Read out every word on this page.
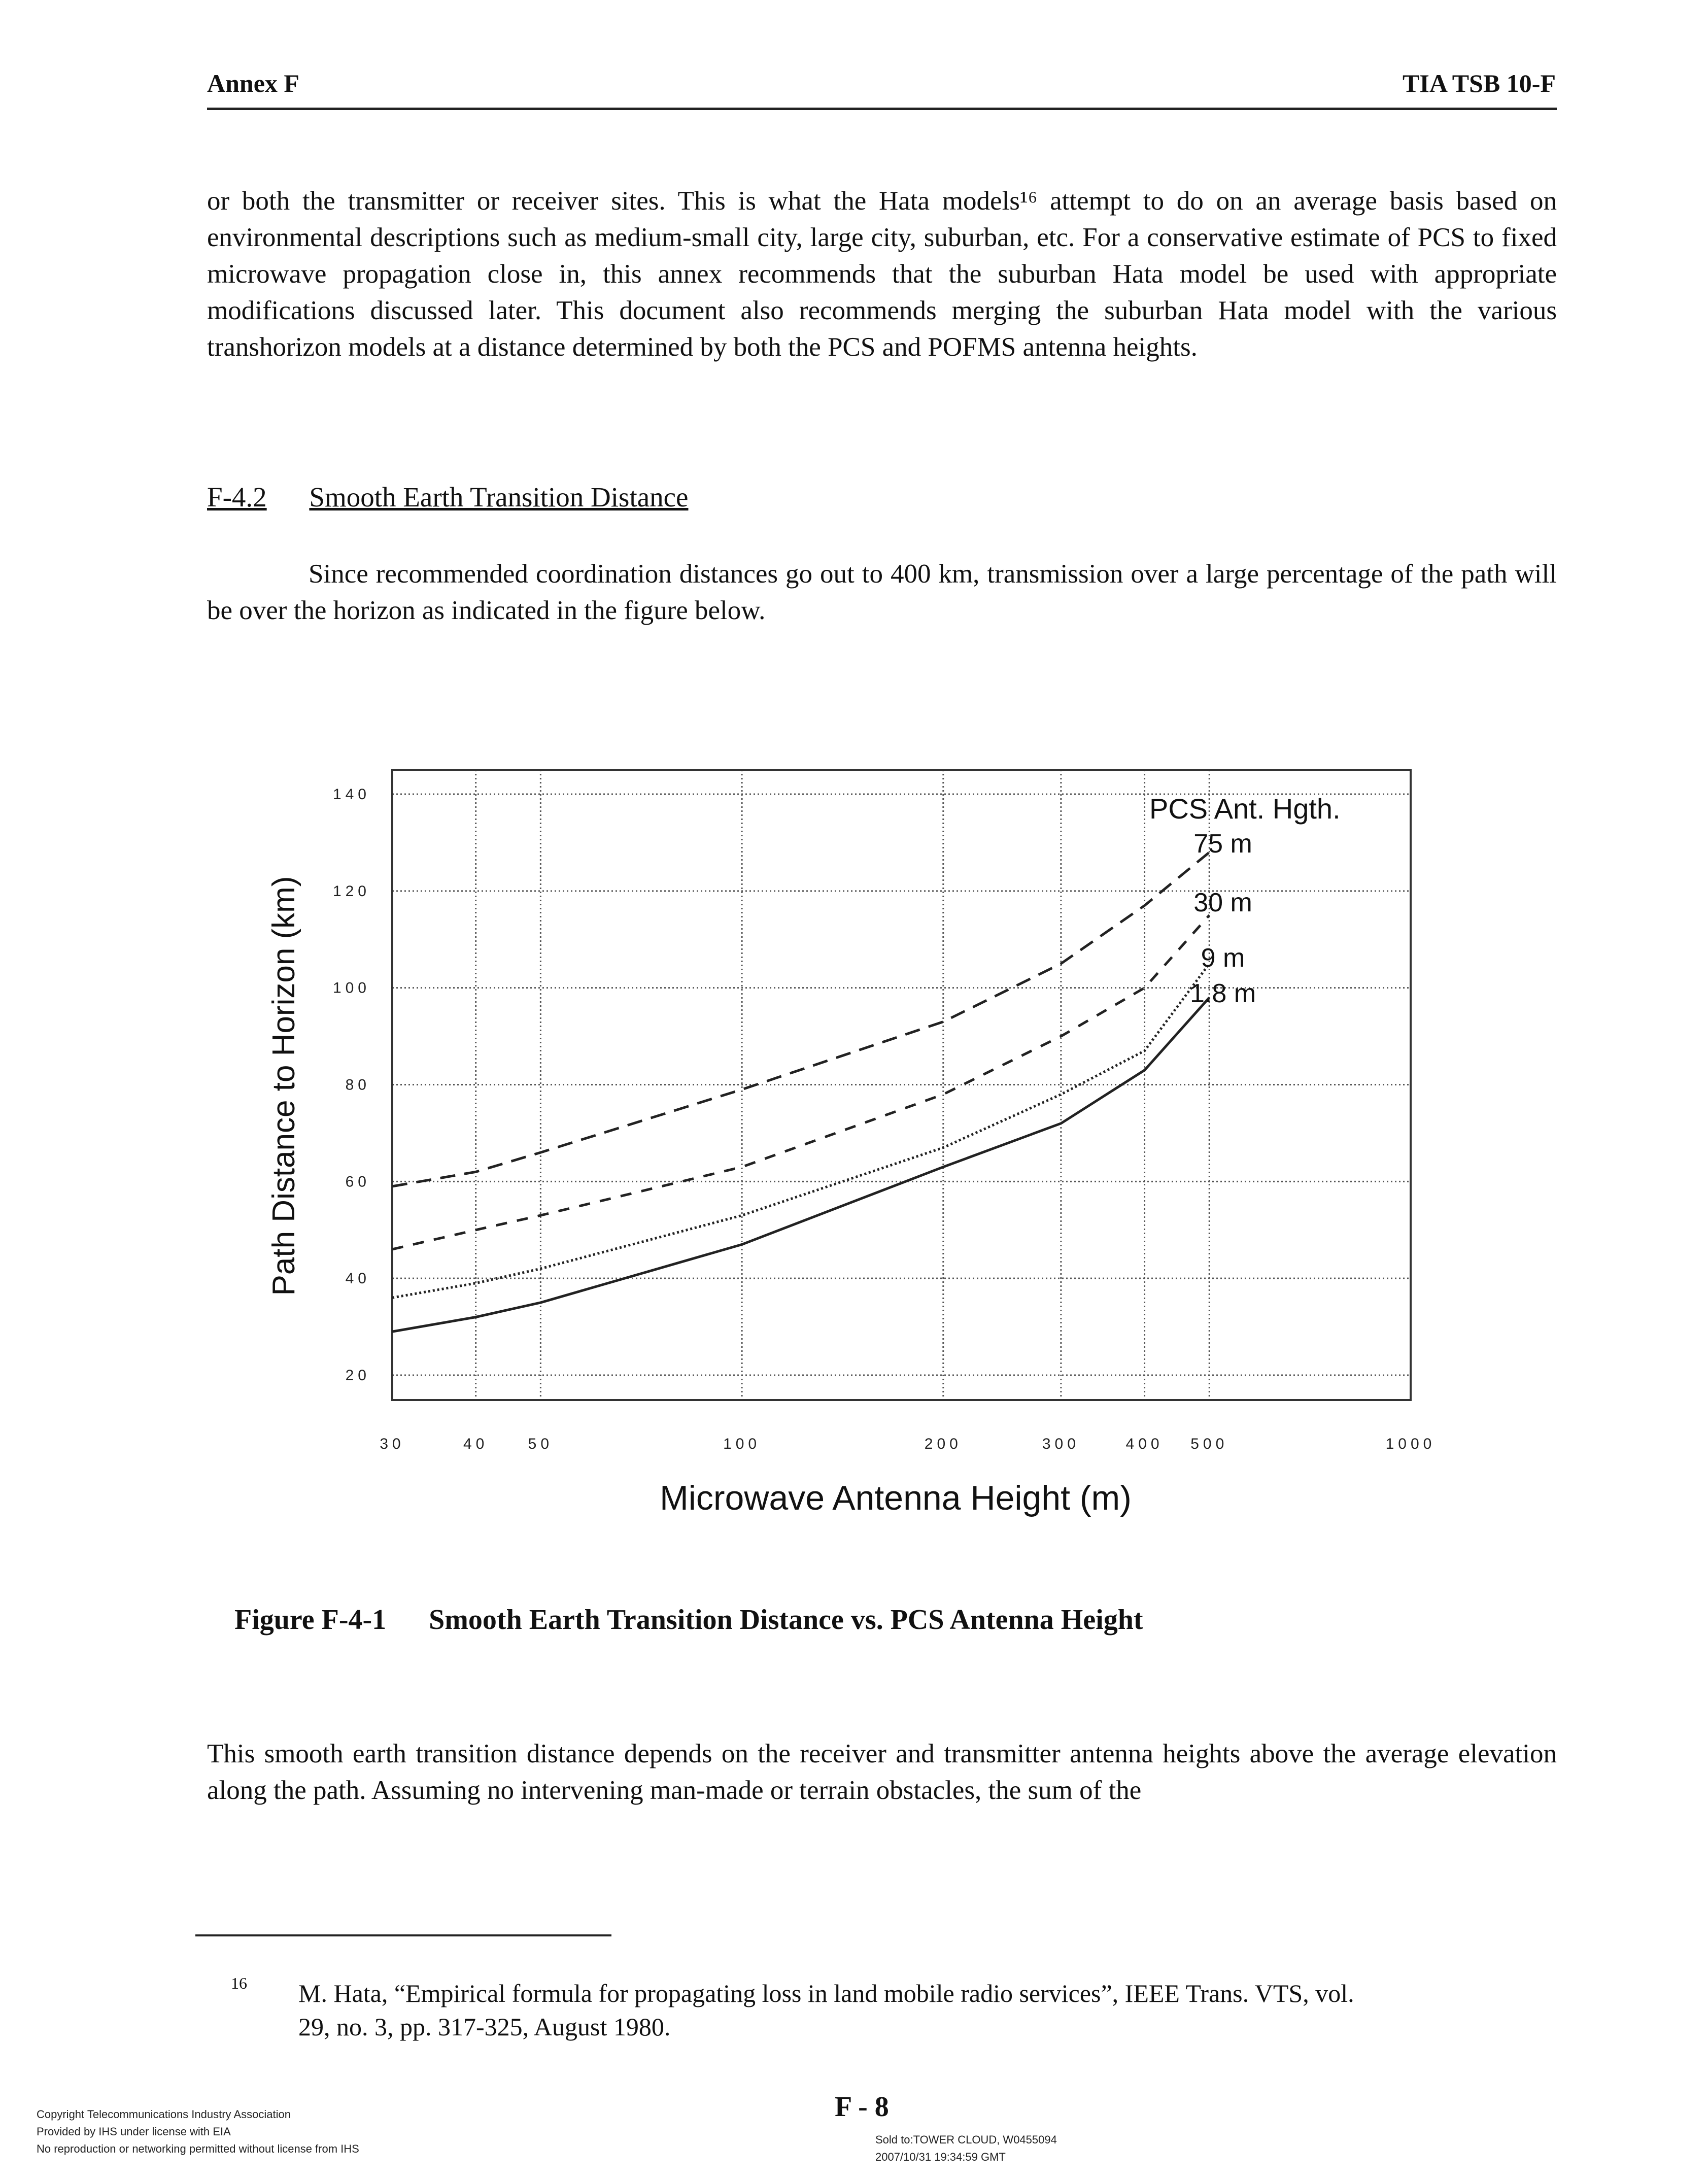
Annex F	TIA TSB 10-F
or both the transmitter or receiver sites. This is what the Hata models¹⁶ attempt to do on an average basis based on environmental descriptions such as medium-small city, large city, suburban, etc. For a conservative estimate of PCS to fixed microwave propagation close in, this annex recommends that the suburban Hata model be used with appropriate modifications discussed later. This document also recommends merging the suburban Hata model with the various transhorizon models at a distance determined by both the PCS and POFMS antenna heights.
F-4.2 Smooth Earth Transition Distance
Since recommended coordination distances go out to 400 km, transmission over a large percentage of the path will be over the horizon as indicated in the figure below.
20
40
60
80
100
120
140
30	40	50	100	200	300	400 500	1000
Path Distance to Horizon (km)
Microwave Antenna Height (m)
PCS Ant. Hgth.
75 m
30 m
9 m
1.8 m
Figure F-4-1 Smooth Earth Transition Distance vs. PCS Antenna Height
This smooth earth transition distance depends on the receiver and transmitter antenna heights above the average elevation along the path. Assuming no intervening man-made or terrain obstacles, the sum of the
16 M. Hata, “Empirical formula for propagating loss in land mobile radio services”, IEEE Trans. VTS, vol.
29, no. 3, pp. 317-325, August 1980.
F - 8
Copyright Telecommunications Industry Association
Provided by IHS under license with EIA
No reproduction or networking permitted without license from IHS
Sold to:TOWER CLOUD, W0455094
2007/10/31 19:34:59 GMT
